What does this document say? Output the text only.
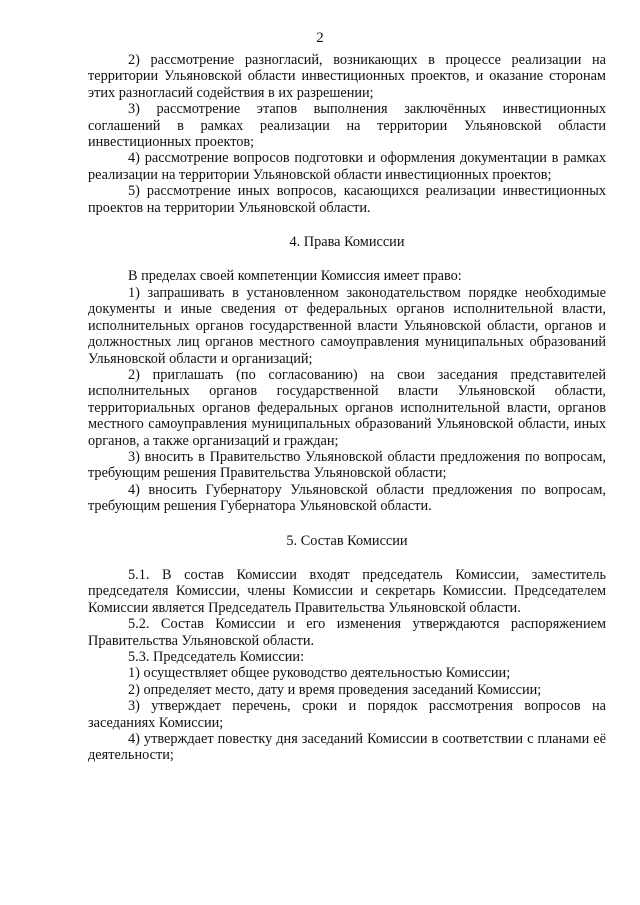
2

2) рассмотрение разногласий, возникающих в процессе реализации на территории Ульяновской области инвестиционных проектов, и оказание сторонам этих разногласий содействия в их разрешении;

3) рассмотрение этапов выполнения заключённых инвестиционных соглашений в рамках реализации на территории Ульяновской области инвестиционных проектов;

4) рассмотрение вопросов подготовки и оформления документации в рамках реализации на территории Ульяновской области инвестиционных проектов;

5) рассмотрение иных вопросов, касающихся реализации инвестиционных проектов на территории Ульяновской области.

4. Права Комиссии

В пределах своей компетенции Комиссия имеет право:

1) запрашивать в установленном законодательством порядке необходимые документы и иные сведения от федеральных органов исполнительной власти, исполнительных органов государственной власти Ульяновской области, органов и должностных лиц органов местного самоуправления муниципальных образований Ульяновской области и организаций;

2) приглашать (по согласованию) на свои заседания представителей исполнительных органов государственной власти Ульяновской области, территориальных органов федеральных органов исполнительной власти, органов местного самоуправления муниципальных образований Ульяновской области, иных органов, а также организаций и граждан;

3) вносить в Правительство Ульяновской области предложения по вопросам, требующим решения Правительства Ульяновской области;

4) вносить Губернатору Ульяновской области предложения по вопросам, требующим решения Губернатора Ульяновской области.

5. Состав Комиссии

5.1. В состав Комиссии входят председатель Комиссии, заместитель председателя Комиссии, члены Комиссии и секретарь Комиссии. Председателем Комиссии является Председатель Правительства Ульяновской области.

5.2. Состав Комиссии и его изменения утверждаются распоряжением Правительства Ульяновской области.

5.3. Председатель Комиссии:

1) осуществляет общее руководство деятельностью Комиссии;

2) определяет место, дату и время проведения заседаний Комиссии;

3) утверждает перечень, сроки и порядок рассмотрения вопросов на заседаниях Комиссии;

4) утверждает повестку дня заседаний Комиссии в соответствии с планами её деятельности;
